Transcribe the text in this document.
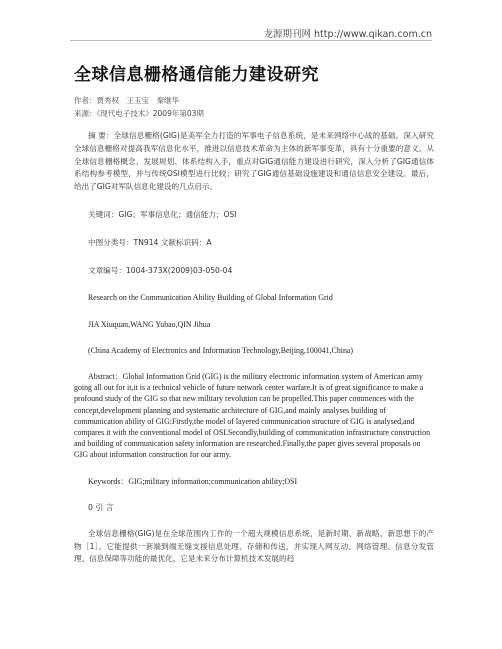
龙源期刊网 http://www.qikan.com.cn
全球信息栅格通信能力建设研究
作者：贾秀权　王玉宝　秦继华
来源：《现代电子技术》2009年第03期

摘 要：全球信息栅格(GIG)是美军全力打造的军事电子信息系统，是未来网络中心战的基础。深入研究全球信息栅格对提高我军信息化水平，推进以信息技术革命为主体的新军事变革，具有十分重要的意义。从全球信息栅格概念、发展规划、体系结构入手，重点对GIG通信能力建设进行研究，深入分析了GIG通信体系结构参考模型，并与传统OSI模型进行比较；研究了GIG通信基础设施建设和通信信息安全建设。最后，给出了GIG对军队信息化建设的几点启示。

关键词：GIG；军事信息化；通信能力；OSI

中图分类号：TN914 文献标识码：A

文章编号：1004-373X(2009)03-050-04

Research on the Communication Ability Building of Global Information Grid

JIA Xiuquan,WANG Yubao,QIN Jihua

(China Academy of Electronics and Information Technology,Beijing,100041,China)

Abstract：Global Information Grid (GIG) is the military electronic information system of American army going all out for it,it is a technical vehicle of future network center warfare.It is of great significance to make a profound study of the GIG so that new military revolution can be propelled.This paper commences with the concept,development planning and systematic architecture of GIG,and mainly analyses building of communication ability of GIG:Firstly,the model of layered communication structure of GIG is analysed,and compares it with the conventional model of OSI.Secondly,building of communication infrastructure construction and building of communication safety information are researched.Finally,the paper gives several proposals on GIG about information construction for our army.

Keywords：GIG;military information;communication ability;OSI

0 引 言

全球信息栅格(GIG)是在全球范围内工作的一个超大规模信息系统，是新时期、新战略、新思想下的产物［1］。它能提供一套端到端无缝支援信息处理、存储和传送，并实现人网互动、网络管理、信息分发管理、信息保障等功能的最优化，它是未来分布计算机技术发展的趋
